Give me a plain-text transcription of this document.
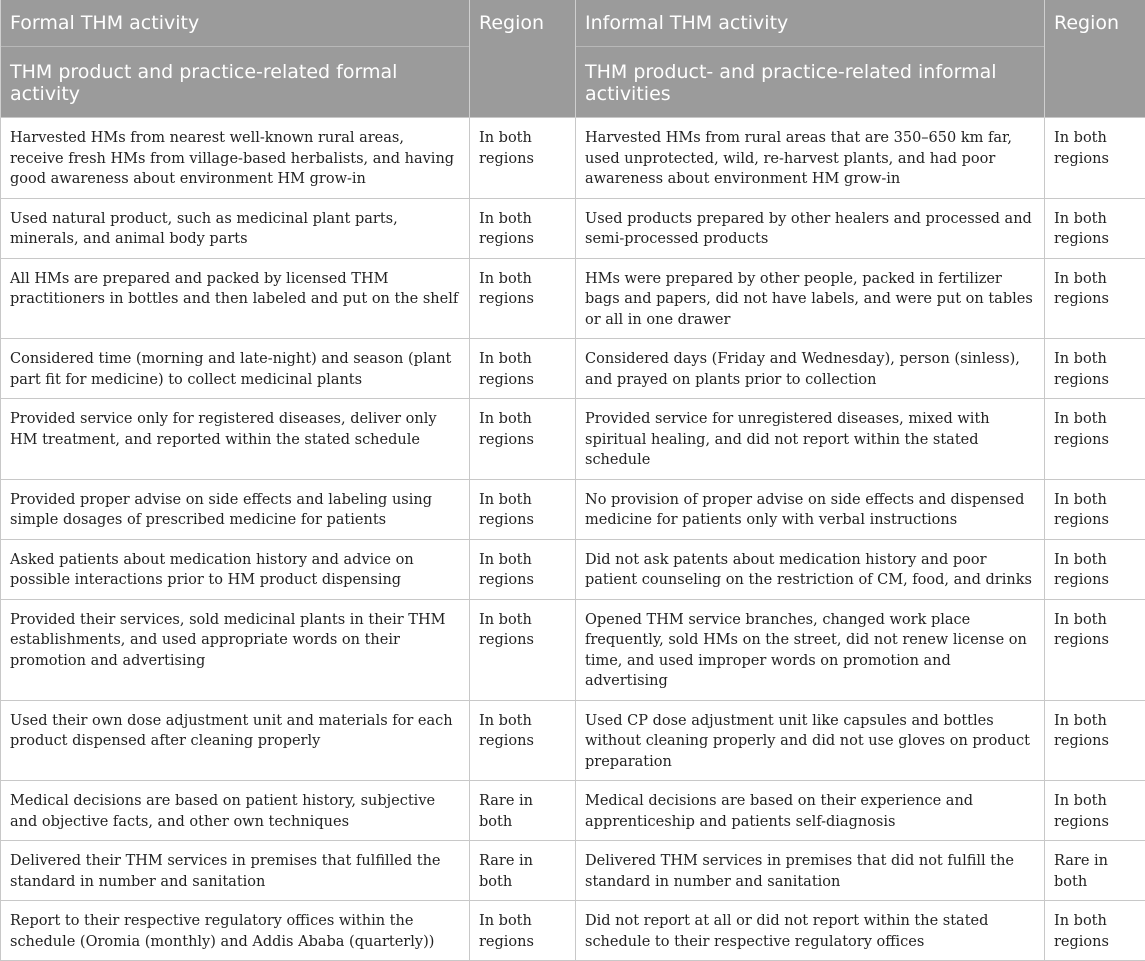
Formal THM activity	Region	Informal THM activity	Region
THM product and practice-related formal activity		THM product- and practice-related informal activities	
Harvested HMs from nearest well-known rural areas, receive fresh HMs from village-based herbalists, and having good awareness about environment HM grow-in	In both regions	Harvested HMs from rural areas that are 350–650 km far, used unprotected, wild, re-harvest plants, and had poor awareness about environment HM grow-in	In both regions
Used natural product, such as medicinal plant parts, minerals, and animal body parts	In both regions	Used products prepared by other healers and processed and semi-processed products	In both regions
All HMs are prepared and packed by licensed THM practitioners in bottles and then labeled and put on the shelf	In both regions	HMs were prepared by other people, packed in fertilizer bags and papers, did not have labels, and were put on tables or all in one drawer	In both regions
Considered time (morning and late-night) and season (plant part fit for medicine) to collect medicinal plants	In both regions	Considered days (Friday and Wednesday), person (sinless), and prayed on plants prior to collection	In both regions
Provided service only for registered diseases, deliver only HM treatment, and reported within the stated schedule	In both regions	Provided service for unregistered diseases, mixed with spiritual healing, and did not report within the stated schedule	In both regions
Provided proper advise on side effects and labeling using simple dosages of prescribed medicine for patients	In both regions	No provision of proper advise on side effects and dispensed medicine for patients only with verbal instructions	In both regions
Asked patients about medication history and advice on possible interactions prior to HM product dispensing	In both regions	Did not ask patents about medication history and poor patient counseling on the restriction of CM, food, and drinks	In both regions
Provided their services, sold medicinal plants in their THM establishments, and used appropriate words on their promotion and advertising	In both regions	Opened THM service branches, changed work place frequently, sold HMs on the street, did not renew license on time, and used improper words on promotion and advertising	In both regions
Used their own dose adjustment unit and materials for each product dispensed after cleaning properly	In both regions	Used CP dose adjustment unit like capsules and bottles without cleaning properly and did not use gloves on product preparation	In both regions
Medical decisions are based on patient history, subjective and objective facts, and other own techniques	Rare in both	Medical decisions are based on their experience and apprenticeship and patients self-diagnosis	In both regions
Delivered their THM services in premises that fulfilled the standard in number and sanitation	Rare in both	Delivered THM services in premises that did not fulfill the standard in number and sanitation	Rare in both
Report to their respective regulatory offices within the schedule (Oromia (monthly) and Addis Ababa (quarterly))	In both regions	Did not report at all or did not report within the stated schedule to their respective regulatory offices	In both regions
